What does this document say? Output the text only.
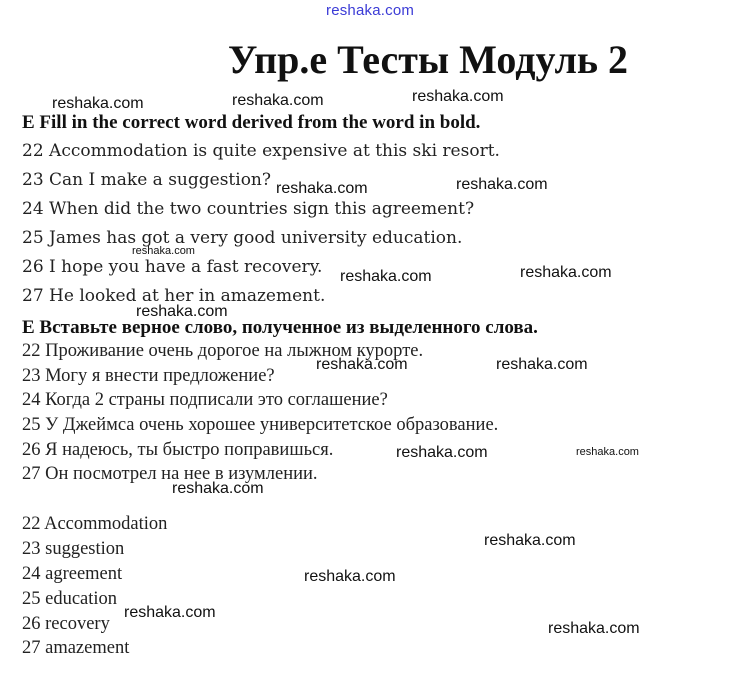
reshaka.com
Упр.е Тесты Модуль 2
E Fill in the correct word derived from the word in bold.
22 Accommodation is quite expensive at this ski resort.
23 Can I make a suggestion?
24 When did the two countries sign this agreement?
25 James has got a very good university education.
26 I hope you have a fast recovery.
27 He looked at her in amazement.
E Вставьте верное слово, полученное из выделенного слова.
22 Проживание очень дорогое на лыжном курорте.
23 Могу я внести предложение?
24 Когда 2 страны подписали это соглашение?
25 У Джеймса очень хорошее университетское образование.
26 Я надеюсь, ты быстро поправишься.
27 Он посмотрел на нее в изумлении.
22 Accommodation
23 suggestion
24 agreement
25 education
26 recovery
27 amazement
reshaka.com	reshaka.com	reshaka.com
reshaka.com	reshaka.com
reshaka.com
reshaka.com	reshaka.com
reshaka.com
reshaka.com	reshaka.com
reshaka.com	reshaka.com
reshaka.com
reshaka.com
reshaka.com
reshaka.com
reshaka.com
